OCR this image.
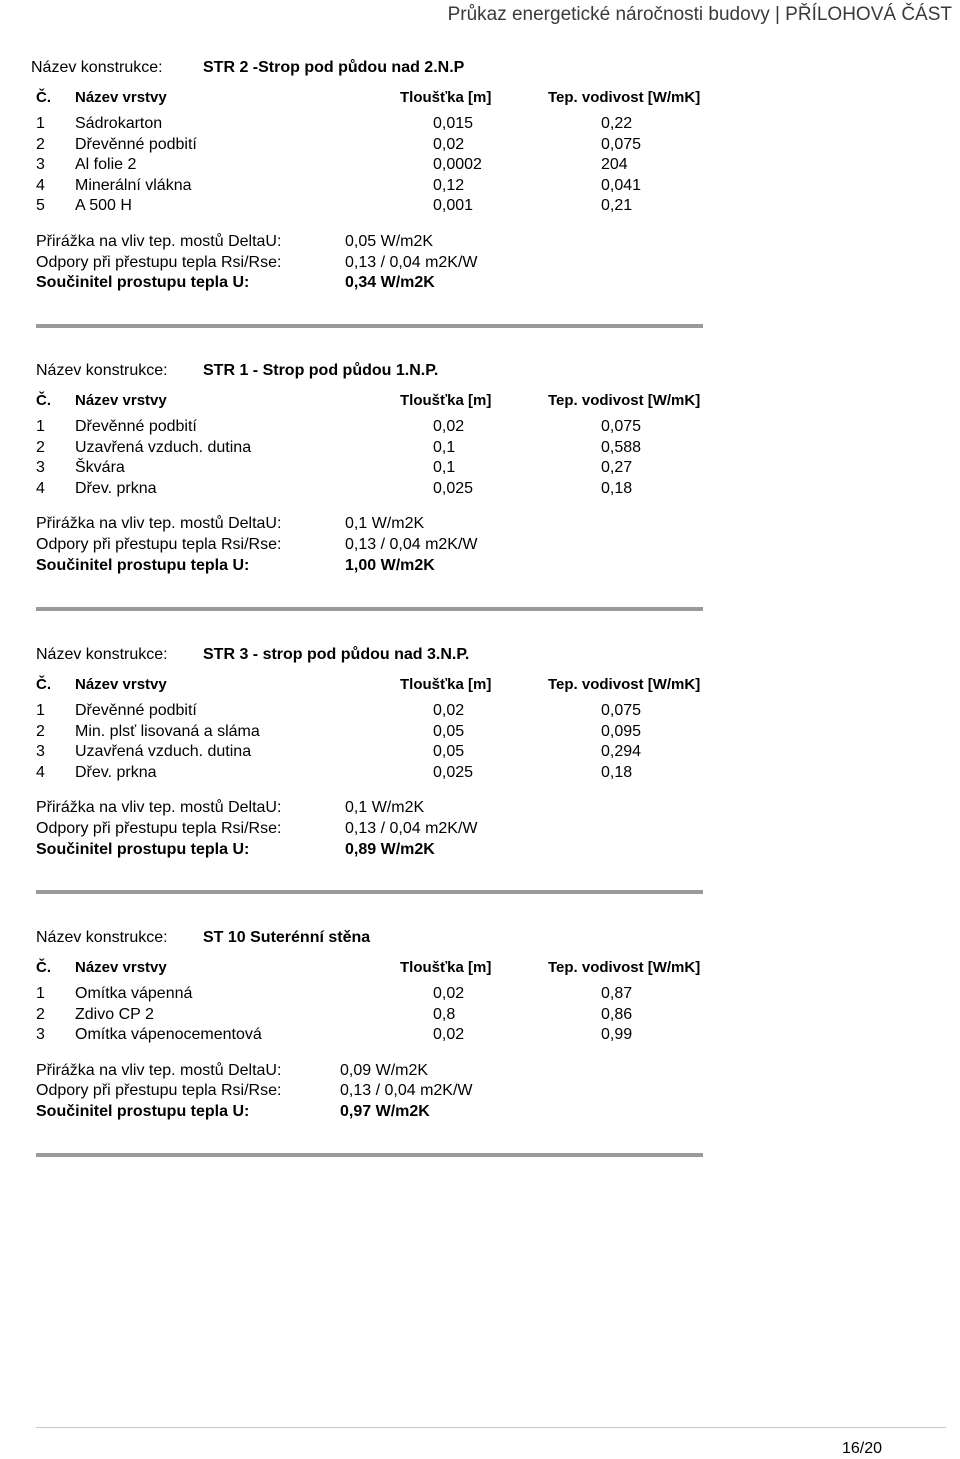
Průkaz energetické náročnosti budovy | PŘÍLOHOVÁ ČÁST
Název konstrukce:	STR 2 -Strop pod půdou nad 2.N.P
Č. Název vrstvy	Tloušťka [m]	Tep. vodivost [W/mK]
1 Sádrokarton	0,015	0,22
2 Dřevěnné podbití	0,02	0,075
3 Al folie 2	0,0002	204
4 Minerální vlákna	0,12	0,041
5 A 500 H	0,001	0,21
Přirážka na vliv tep. mostů DeltaU:	0,05 W/m2K
Odpory při přestupu tepla Rsi/Rse:	0,13 / 0,04 m2K/W
Součinitel prostupu tepla U:	0,34 W/m2K
Název konstrukce: STR 1 - Strop pod půdou 1.N.P.
Č. Název vrstvy	Tloušťka [m]	Tep. vodivost [W/mK]
1 Dřevěnné podbití	0,02	0,075
2 Uzavřená vzduch. dutina	0,1	0,588
3 Škvára	0,1	0,27
4 Dřev. prkna	0,025	0,18
Přirážka na vliv tep. mostů DeltaU:	0,1 W/m2K
Odpory při přestupu tepla Rsi/Rse:	0,13 / 0,04 m2K/W
Součinitel prostupu tepla U:	1,00 W/m2K
Název konstrukce: STR 3 - strop pod půdou nad 3.N.P.
Č. Název vrstvy	Tloušťka [m]	Tep. vodivost [W/mK]
1 Dřevěnné podbití	0,02	0,075
2 Min. plsť lisovaná a sláma	0,05	0,095
3 Uzavřená vzduch. dutina	0,05	0,294
4 Dřev. prkna	0,025	0,18
Přirážka na vliv tep. mostů DeltaU:	0,1 W/m2K
Odpory při přestupu tepla Rsi/Rse:	0,13 / 0,04 m2K/W
Součinitel prostupu tepla U:	0,89 W/m2K
Název konstrukce: ST 10 Suterénní stěna
Č. Název vrstvy	Tloušťka [m]	Tep. vodivost [W/mK]
1 Omítka vápenná	0,02	0,87
2 Zdivo CP 2	0,8	0,86
3 Omítka vápenocementová	0,02	0,99
Přirážka na vliv tep. mostů DeltaU:	0,09 W/m2K
Odpory při přestupu tepla Rsi/Rse:	0,13 / 0,04 m2K/W
Součinitel prostupu tepla U:	0,97 W/m2K
16/20
